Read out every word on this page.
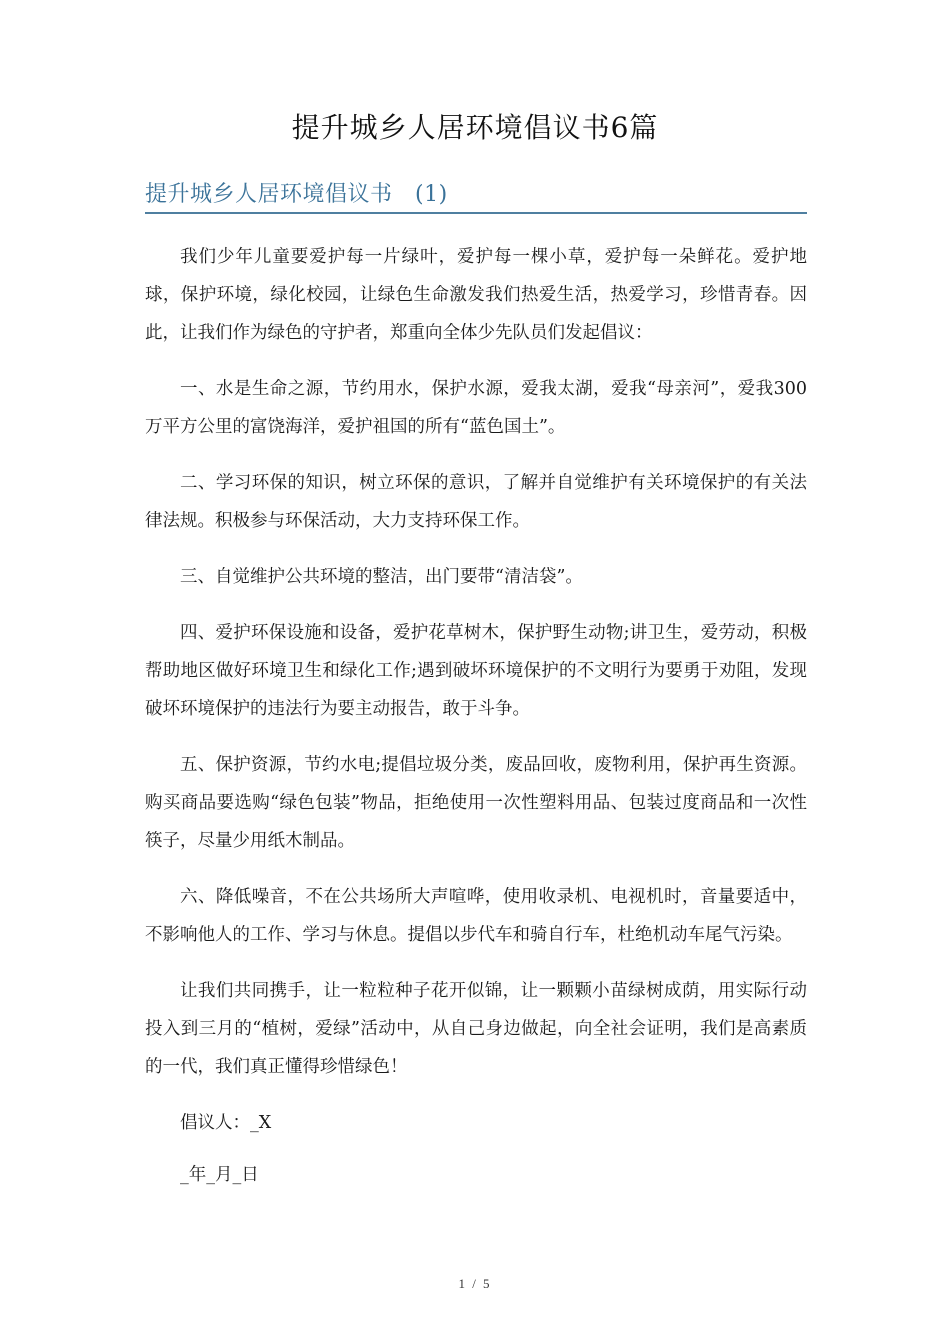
提升城乡人居环境倡议书6篇
提升城乡人居环境倡议书　(1)

我们少年儿童要爱护每一片绿叶，爱护每一棵小草，爱护每一朵鲜花。爱护地球，保护环境，绿化校园，让绿色生命激发我们热爱生活，热爱学习，珍惜青春。因此，让我们作为绿色的守护者，郑重向全体少先队员们发起倡议：

一、水是生命之源，节约用水，保护水源，爱我太湖，爱我“母亲河”，爱我300万平方公里的富饶海洋，爱护祖国的所有“蓝色国土”。

二、学习环保的知识，树立环保的意识，了解并自觉维护有关环境保护的有关法律法规。积极参与环保活动，大力支持环保工作。

三、自觉维护公共环境的整洁，出门要带“清洁袋”。

四、爱护环保设施和设备，爱护花草树木，保护野生动物;讲卫生，爱劳动，积极帮助地区做好环境卫生和绿化工作;遇到破坏环境保护的不文明行为要勇于劝阻，发现破坏环境保护的违法行为要主动报告，敢于斗争。

五、保护资源，节约水电;提倡垃圾分类，废品回收，废物利用，保护再生资源。购买商品要选购“绿色包装”物品，拒绝使用一次性塑料用品、包装过度商品和一次性筷子，尽量少用纸木制品。

六、降低噪音，不在公共场所大声喧哗，使用收录机、电视机时，音量要适中，不影响他人的工作、学习与休息。提倡以步代车和骑自行车，杜绝机动车尾气污染。

让我们共同携手，让一粒粒种子花开似锦，让一颗颗小苗绿树成荫，用实际行动投入到三月的“植树，爱绿”活动中，从自己身边做起，向全社会证明，我们是高素质的一代，我们真正懂得珍惜绿色！

倡议人：_X

_年_月_日

1 / 5
